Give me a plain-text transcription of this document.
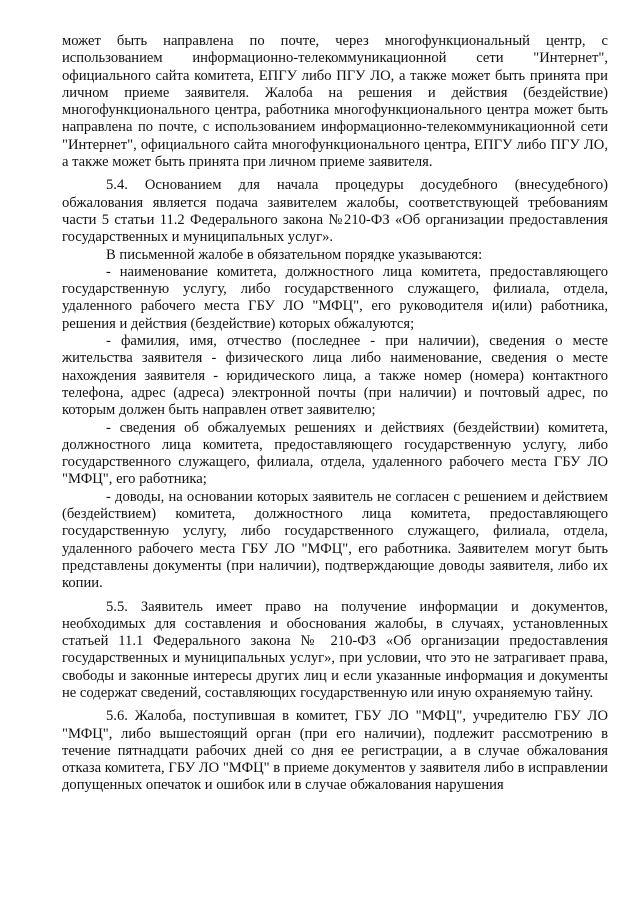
может быть направлена по почте, через многофункциональный центр, с использованием информационно-телекоммуникационной сети "Интернет", официального сайта комитета, ЕПГУ либо ПГУ ЛО, а также может быть принята при личном приеме заявителя. Жалоба на решения и действия (бездействие) многофункционального центра, работника многофункционального центра может быть направлена по почте, с использованием информационно-телекоммуникационной сети "Интернет", официального сайта многофункционального центра, ЕПГУ либо ПГУ ЛО, а также может быть принята при личном приеме заявителя.

5.4. Основанием для начала процедуры досудебного (внесудебного) обжалования является подача заявителем жалобы, соответствующей требованиям части 5 статьи 11.2 Федерального закона №210-ФЗ «Об организации предоставления государственных и муниципальных услуг».

В письменной жалобе в обязательном порядке указываются:

- наименование комитета, должностного лица комитета, предоставляющего государственную услугу, либо государственного служащего, филиала, отдела, удаленного рабочего места ГБУ ЛО "МФЦ", его руководителя и(или) работника, решения и действия (бездействие) которых обжалуются;

- фамилия, имя, отчество (последнее - при наличии), сведения о месте жительства заявителя - физического лица либо наименование, сведения о месте нахождения заявителя - юридического лица, а также номер (номера) контактного телефона, адрес (адреса) электронной почты (при наличии) и почтовый адрес, по которым должен быть направлен ответ заявителю;

- сведения об обжалуемых решениях и действиях (бездействии) комитета, должностного лица комитета, предоставляющего государственную услугу, либо государственного служащего, филиала, отдела, удаленного рабочего места ГБУ ЛО "МФЦ", его работника;

- доводы, на основании которых заявитель не согласен с решением и действием (бездействием) комитета, должностного лица комитета, предоставляющего государственную услугу, либо государственного служащего, филиала, отдела, удаленного рабочего места ГБУ ЛО "МФЦ", его работника. Заявителем могут быть представлены документы (при наличии), подтверждающие доводы заявителя, либо их копии.

5.5. Заявитель имеет право на получение информации и документов, необходимых для составления и обоснования жалобы, в случаях, установленных статьей 11.1 Федерального закона № 210-ФЗ «Об организации предоставления государственных и муниципальных услуг», при условии, что это не затрагивает права, свободы и законные интересы других лиц и если указанные информация и документы не содержат сведений, составляющих государственную или иную охраняемую тайну.

5.6. Жалоба, поступившая в комитет, ГБУ ЛО "МФЦ", учредителю ГБУ ЛО "МФЦ", либо вышестоящий орган (при его наличии), подлежит рассмотрению в течение пятнадцати рабочих дней со дня ее регистрации, а в случае обжалования отказа комитета, ГБУ ЛО "МФЦ" в приеме документов у заявителя либо в исправлении допущенных опечаток и ошибок или в случае обжалования нарушения
